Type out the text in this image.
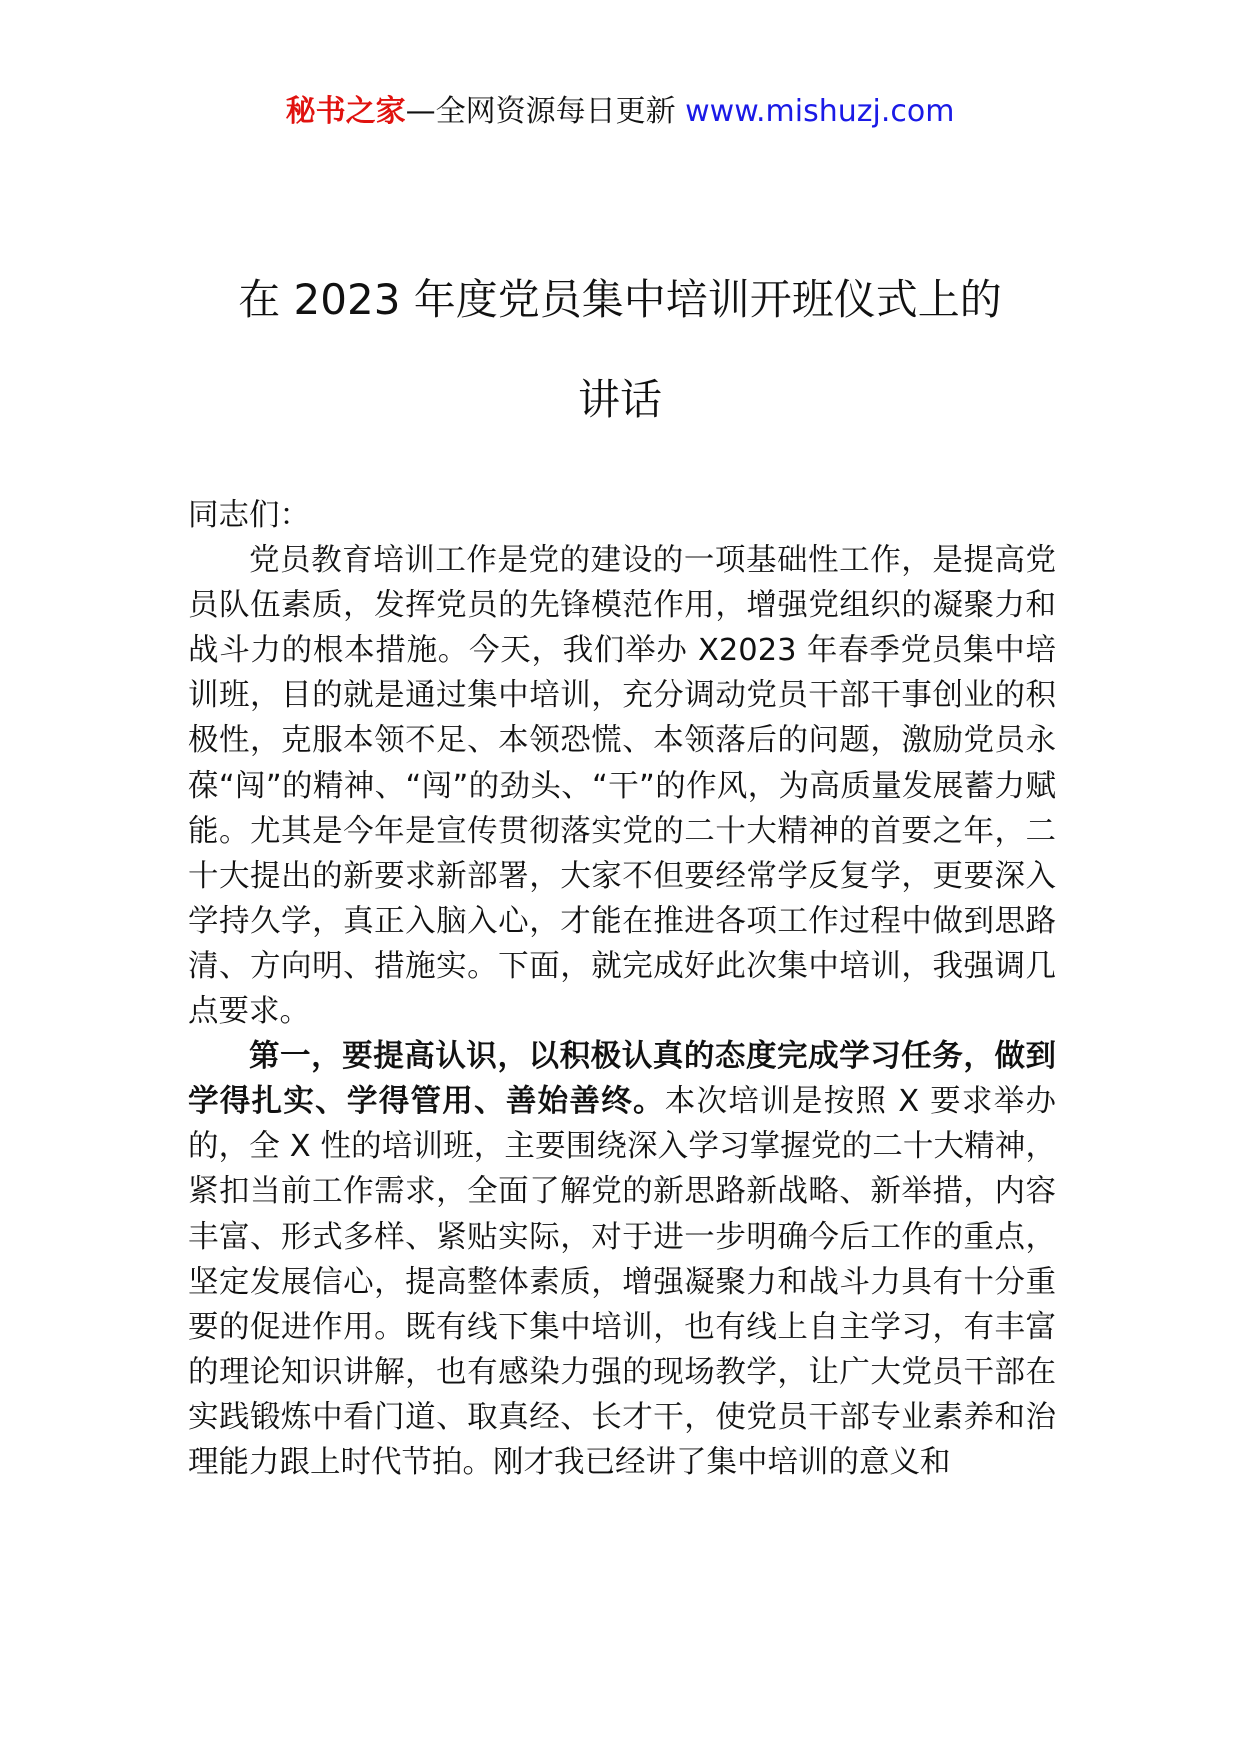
秘书之家—全网资源每日更新 www.mishuzj.com
在 2023 年度党员集中培训开班仪式上的
讲话

同志们：

党员教育培训工作是党的建设的一项基础性工作，是提高党员队伍素质，发挥党员的先锋模范作用，增强党组织的凝聚力和战斗力的根本措施。今天，我们举办 X2023 年春季党员集中培训班，目的就是通过集中培训，充分调动党员干部干事创业的积极性，克服本领不足、本领恐慌、本领落后的问题，激励党员永葆“闯”的精神、“闯”的劲头、“干”的作风，为高质量发展蓄力赋能。尤其是今年是宣传贯彻落实党的二十大精神的首要之年，二十大提出的新要求新部署，大家不但要经常学反复学，更要深入学持久学，真正入脑入心，才能在推进各项工作过程中做到思路清、方向明、措施实。下面，就完成好此次集中培训，我强调几点要求。

第一，要提高认识，以积极认真的态度完成学习任务，做到学得扎实、学得管用、善始善终。本次培训是按照 X 要求举办的，全 X 性的培训班，主要围绕深入学习掌握党的二十大精神，紧扣当前工作需求，全面了解党的新思路新战略、新举措，内容丰富、形式多样、紧贴实际，对于进一步明确今后工作的重点，坚定发展信心，提高整体素质，增强凝聚力和战斗力具有十分重要的促进作用。既有线下集中培训，也有线上自主学习，有丰富的理论知识讲解，也有感染力强的现场教学，让广大党员干部在实践锻炼中看门道、取真经、长才干，使党员干部专业素养和治理能力跟上时代节拍。刚才我已经讲了集中培训的意义和
